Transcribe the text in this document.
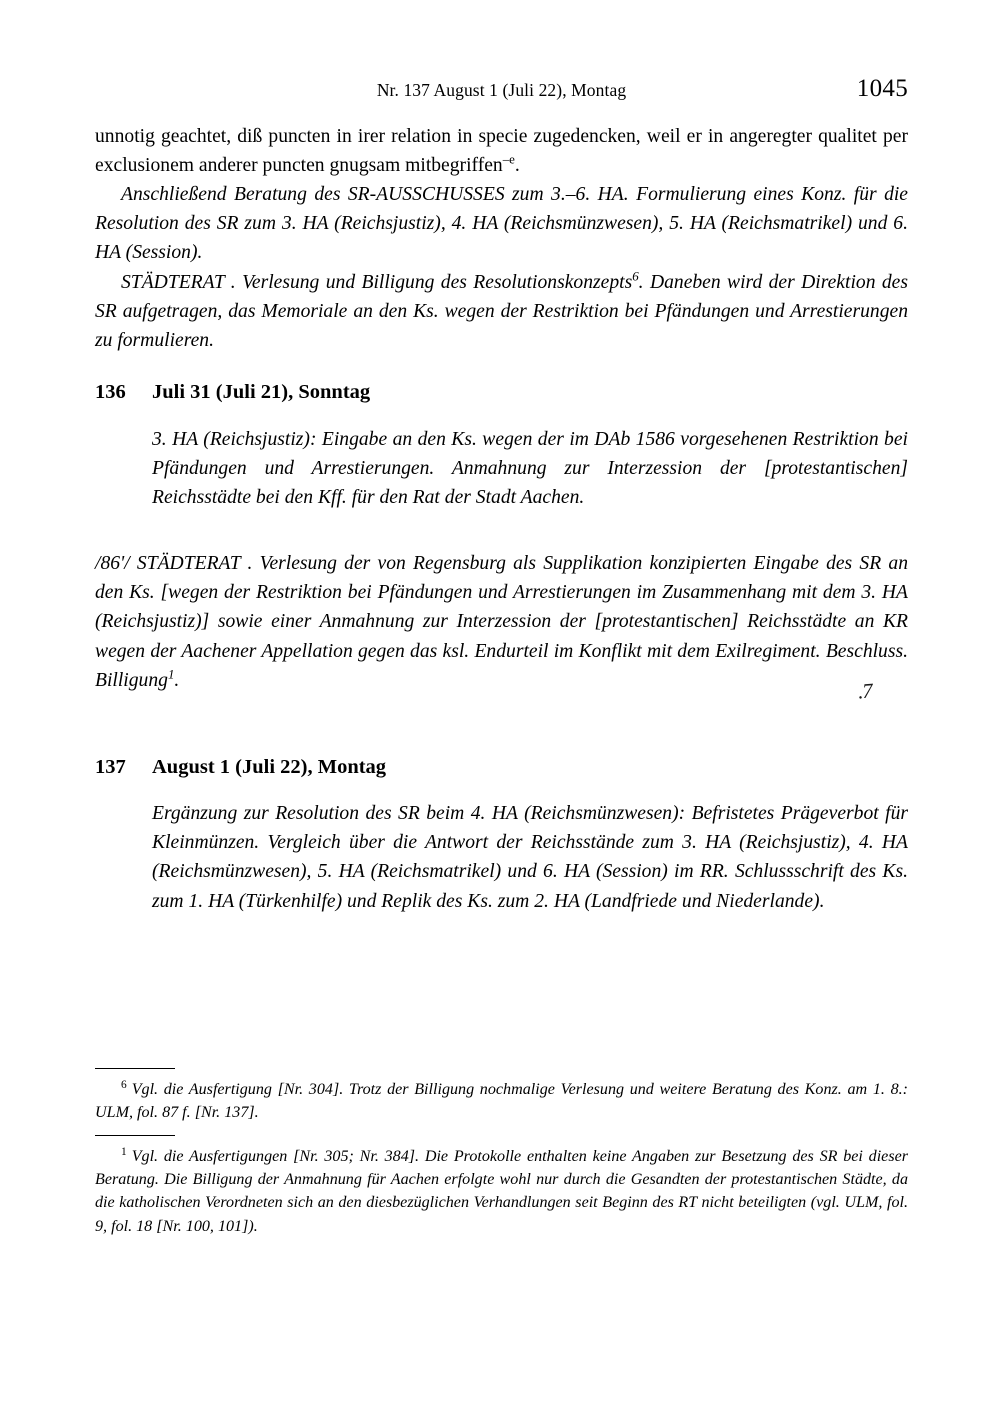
Nr. 137 August 1 (Juli 22), Montag	1045
unnotig geachtet, diß puncten in irer relation in specie zugedencken, weil er in angeregter qualitet per exclusionem anderer puncten gnugsam mitbegriffen$^{-e}$.
Anschließend Beratung des SR-AUSSCHUSSES zum 3.–6. HA. Formulierung eines Konz. für die Resolution des SR zum 3. HA (Reichsjustiz), 4. HA (Reichsmünzwesen), 5. HA (Reichsmatrikel) und 6. HA (Session).
STÄDTERAT . Verlesung und Billigung des Resolutionskonzepts$^6$. Daneben wird der Direktion des SR aufgetragen, das Memoriale an den Ks. wegen der Restriktion bei Pfändungen und Arrestierungen zu formulieren.
136 Juli 31 (Juli 21), Sonntag
3. HA (Reichsjustiz): Eingabe an den Ks. wegen der im DAb 1586 vorgesehenen Restriktion bei Pfändungen und Arrestierungen. Anmahnung zur Interzession der [protestantischen] Reichsstädte bei den Kff. für den Rat der Stadt Aachen.
/86'/ STÄDTERAT . Verlesung der von Regensburg als Supplikation konzipierten Eingabe des SR an den Ks. [wegen der Restriktion bei Pfändungen und Arrestierungen im Zusammenhang mit dem 3. HA (Reichsjustiz)] sowie einer Anmahnung zur Interzession der [protestantischen] Reichsstädte an KR wegen der Aachener Appellation gegen das ksl. Endurteil im Konflikt mit dem Exilregiment. Beschluss. Billigung$^1$.	.7
137 August 1 (Juli 22), Montag
Ergänzung zur Resolution des SR beim 4. HA (Reichsmünzwesen): Befristetes Prägeverbot für Kleinmünzen. Vergleich über die Antwort der Reichsstände zum 3. HA (Reichsjustiz), 4. HA (Reichsmünzwesen), 5. HA (Reichsmatrikel) und 6. HA (Session) im RR. Schlussschrift des Ks. zum 1. HA (Türkenhilfe) und Replik des Ks. zum 2. HA (Landfriede und Niederlande).
$^6$ Vgl. die Ausfertigung [Nr. 304]. Trotz der Billigung nochmalige Verlesung und weitere Beratung des Konz. am 1. 8.: ULM, fol. 87 f. [Nr. 137].
$^1$ Vgl. die Ausfertigungen [Nr. 305; Nr. 384]. Die Protokolle enthalten keine Angaben zur Besetzung des SR bei dieser Beratung. Die Billigung der Anmahnung für Aachen erfolgte wohl nur durch die Gesandten der protestantischen Städte, da die katholischen Verordneten sich an den diesbezüglichen Verhandlungen seit Beginn des RT nicht beteiligten (vgl. ULM, fol. 9, fol. 18 [Nr. 100, 101]).
